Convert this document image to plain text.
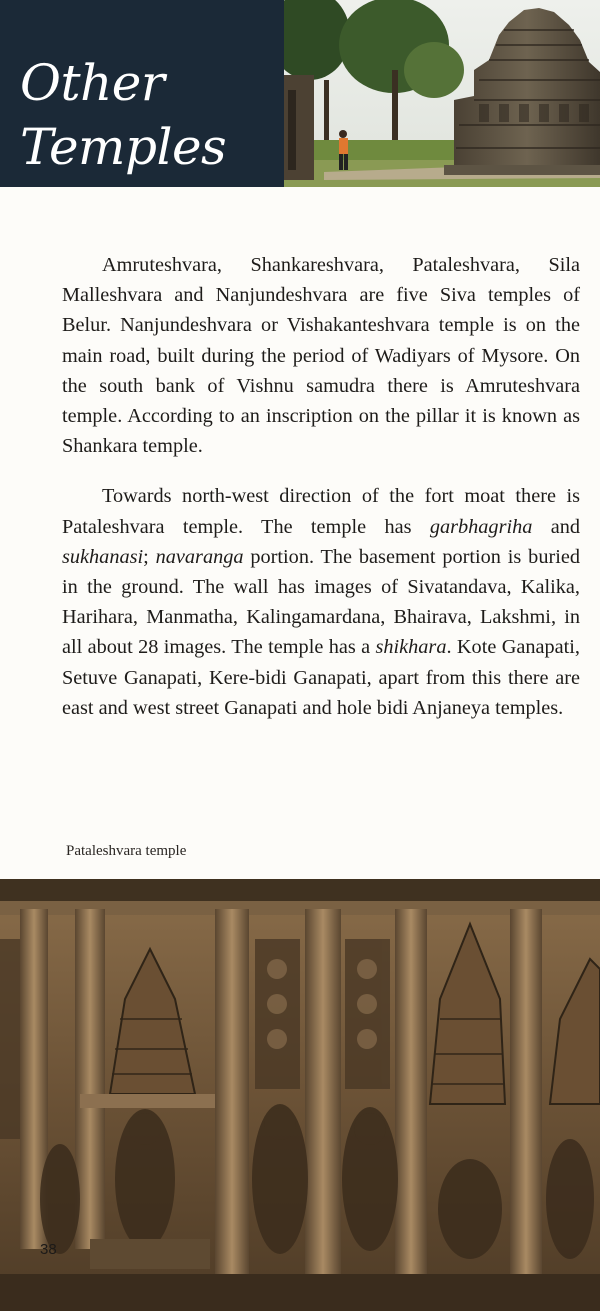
Other
Temples

Amruteshvara, Shankareshvara, Pataleshvara, Sila Malleshvara and Nanjundeshvara are five Siva temples of Belur. Nanjundeshvara or Vishakanteshvara temple is on the main road, built during the period of Wadiyars of Mysore. On the south bank of Vishnu samudra there is Amruteshvara temple. According to an inscription on the pillar it is known as Shankara temple.

Towards north-west direction of the fort moat there is Pataleshvara temple. The temple has garbhagriha and sukhanasi; navaranga portion. The basement portion is buried in the ground. The wall has images of Sivatandava, Kalika, Harihara, Manmatha, Kalingamardana, Bhairava, Lakshmi, in all about 28 images. The temple has a shikhara. Kote Ganapati, Setuve Ganapati, Kere-bidi Ganapati, apart from this there are east and west street Ganapati and hole bidi Anjaneya temples.

Pataleshvara temple
38
